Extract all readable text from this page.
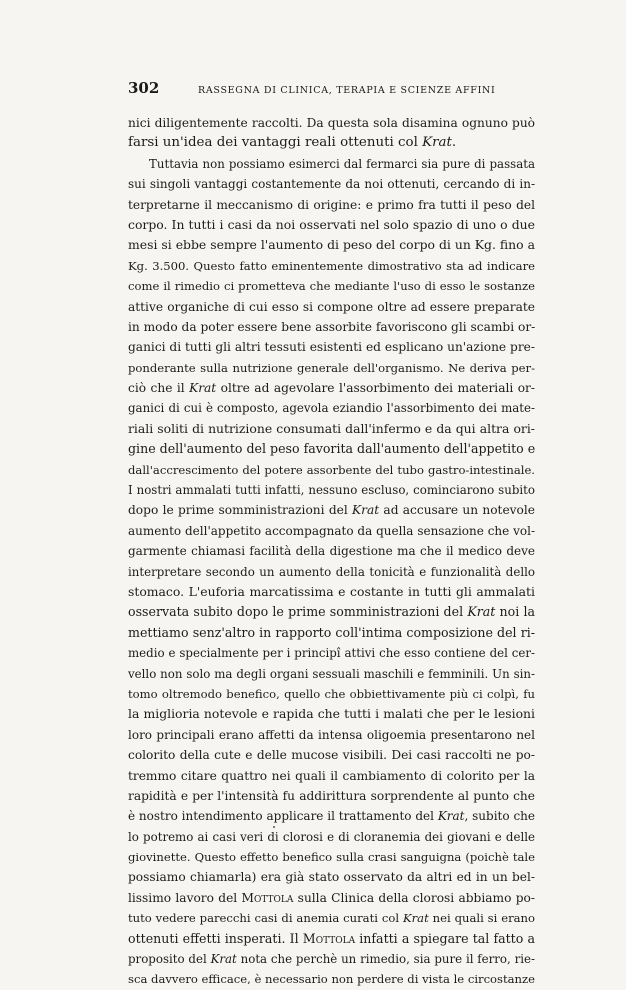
302	RASSEGNA DI CLINICA, TERAPIA E SCIENZE AFFINI
nici diligentemente raccolti. Da questa sola disamina ognuno può
farsi un'idea dei vantaggi reali ottenuti col Krat.
Tuttavia non possiamo esimerci dal fermarci sia pure di passata
sui singoli vantaggi costantemente da noi ottenuti, cercando di in-
terpretarne il meccanismo di origine: e primo fra tutti il peso del
corpo. In tutti i casi da noi osservati nel solo spazio di uno o due
mesi si ebbe sempre l'aumento di peso del corpo di un Kg. fino a
Kg. 3.500. Questo fatto eminentemente dimostrativo sta ad indicare
come il rimedio ci prometteva che mediante l'uso di esso le sostanze
attive organiche di cui esso si compone oltre ad essere preparate
in modo da poter essere bene assorbite favoriscono gli scambi or-
ganici di tutti gli altri tessuti esistenti ed esplicano un'azione pre-
ponderante sulla nutrizione generale dell'organismo. Ne deriva per-
ciò che il Krat oltre ad agevolare l'assorbimento dei materiali or-
ganici di cui è composto, agevola eziandio l'assorbimento dei mate-
riali soliti di nutrizione consumati dall'infermo e da qui altra ori-
gine dell'aumento del peso favorita dall'aumento dell'appetito e
dall'accrescimento del potere assorbente del tubo gastro-intestinale.
I nostri ammalati tutti infatti, nessuno escluso, cominciarono subito
dopo le prime somministrazioni del Krat ad accusare un notevole
aumento dell'appetito accompagnato da quella sensazione che vol-
garmente chiamasi facilità della digestione ma che il medico deve
interpretare secondo un aumento della tonicità e funzionalità dello
stomaco. L'euforia marcatissima e costante in tutti gli ammalati
osservata subito dopo le prime somministrazioni del Krat noi la
mettiamo senz'altro in rapporto coll'intima composizione del ri-
medio e specialmente per i principî attivi che esso contiene del cer-
vello non solo ma degli organi sessuali maschili e femminili. Un sin-
tomo oltremodo benefico, quello che obbiettivamente più ci colpì, fu
la miglioria notevole e rapida che tutti i malati che per le lesioni
loro principali erano affetti da intensa oligoemia presentarono nel
colorito della cute e delle mucose visibili. Dei casi raccolti ne po-
tremmo citare quattro nei quali il cambiamento di colorito per la
rapidità e per l'intensità fu addirittura sorprendente al punto che
è nostro intendimento applicare il trattamento del Krat, subito che
lo potremo ai casi veri di clorosi e di cloranemia dei giovani e delle
giovinette. Questo effetto benefico sulla crasi sanguigna (poichè tale
possiamo chiamarla) era già stato osservato da altri ed in un bel-
lissimo lavoro del Mottola sulla Clinica della clorosi abbiamo po-
tuto vedere parecchi casi di anemia curati col Krat nei quali si erano
ottenuti effetti insperati. Il Mottola infatti a spiegare tal fatto a
proposito del Krat nota che perchè un rimedio, sia pure il ferro, rie-
sca davvero efficace, è necessario non perdere di vista le circostanze
